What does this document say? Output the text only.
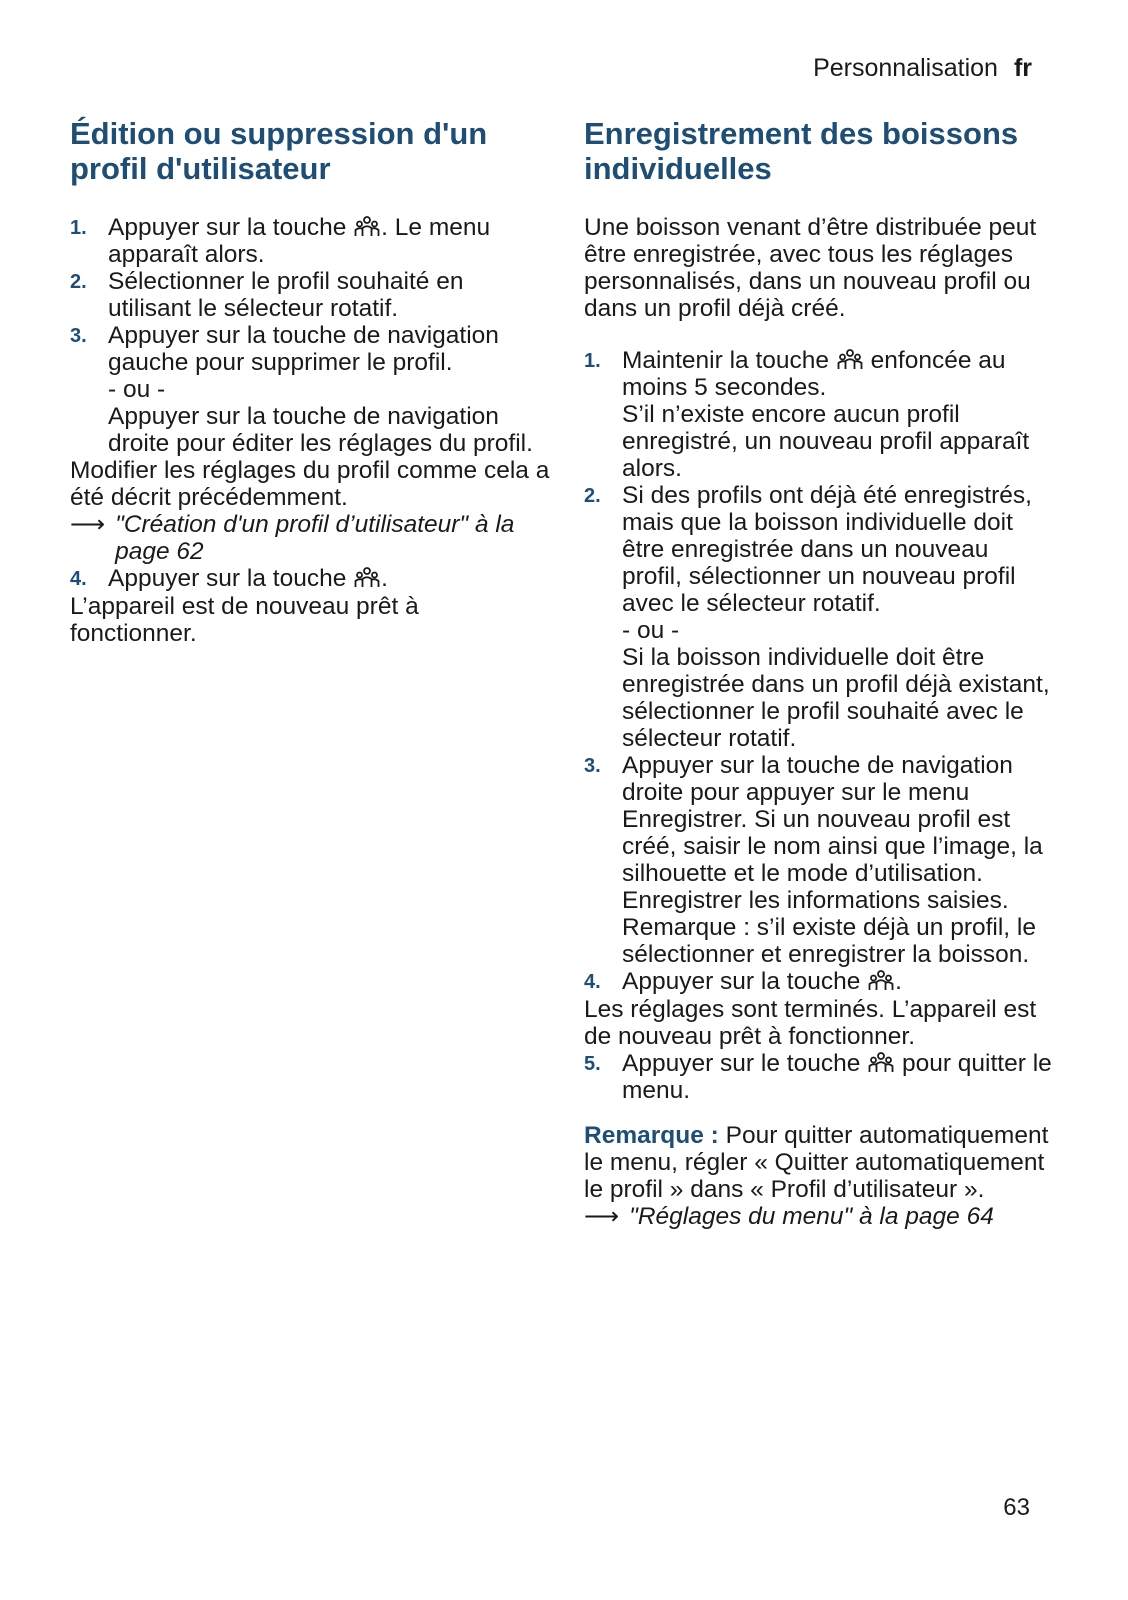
Personnalisation fr
Édition ou suppression d'un profil d'utilisateur
1. Appuyer sur la touche . Le menu apparaît alors.
2. Sélectionner le profil souhaité en utilisant le sélecteur rotatif.
3. Appuyer sur la touche de navigation gauche pour supprimer le profil.
- ou -
Appuyer sur la touche de navigation droite pour éditer les réglages du profil.

Modifier les réglages du profil comme cela a été décrit précédemment.

⟶ "Création d'un profil d’utilisateur" à la page 62
4. Appuyer sur la touche .

L’appareil est de nouveau prêt à fonctionner.

Enregistrement des boissons individuelles

Une boisson venant d’être distribuée peut être enregistrée, avec tous les réglages personnalisés, dans un nouveau profil ou dans un profil déjà créé.

1. Maintenir la touche  enfoncée au moins 5 secondes.
S’il n’existe encore aucun profil enregistré, un nouveau profil apparaît alors.
2. Si des profils ont déjà été enregistrés, mais que la boisson individuelle doit être enregistrée dans un nouveau profil, sélectionner un nouveau profil avec le sélecteur rotatif.
- ou -
Si la boisson individuelle doit être enregistrée dans un profil déjà existant, sélectionner le profil souhaité avec le sélecteur rotatif.
3. Appuyer sur la touche de navigation droite pour appuyer sur le menu Enregistrer. Si un nouveau profil est créé, saisir le nom ainsi que l’image, la silhouette et le mode d’utilisation. Enregistrer les informations saisies. Remarque : s’il existe déjà un profil, le sélectionner et enregistrer la boisson.
4. Appuyer sur la touche .

Les réglages sont terminés. L’appareil est de nouveau prêt à fonctionner.

5. Appuyer sur le touche  pour quitter le menu.

Remarque : Pour quitter automatiquement le menu, régler « Quitter automatiquement le profil » dans « Profil d’utilisateur ».

⟶ "Réglages du menu" à la page 64
63
